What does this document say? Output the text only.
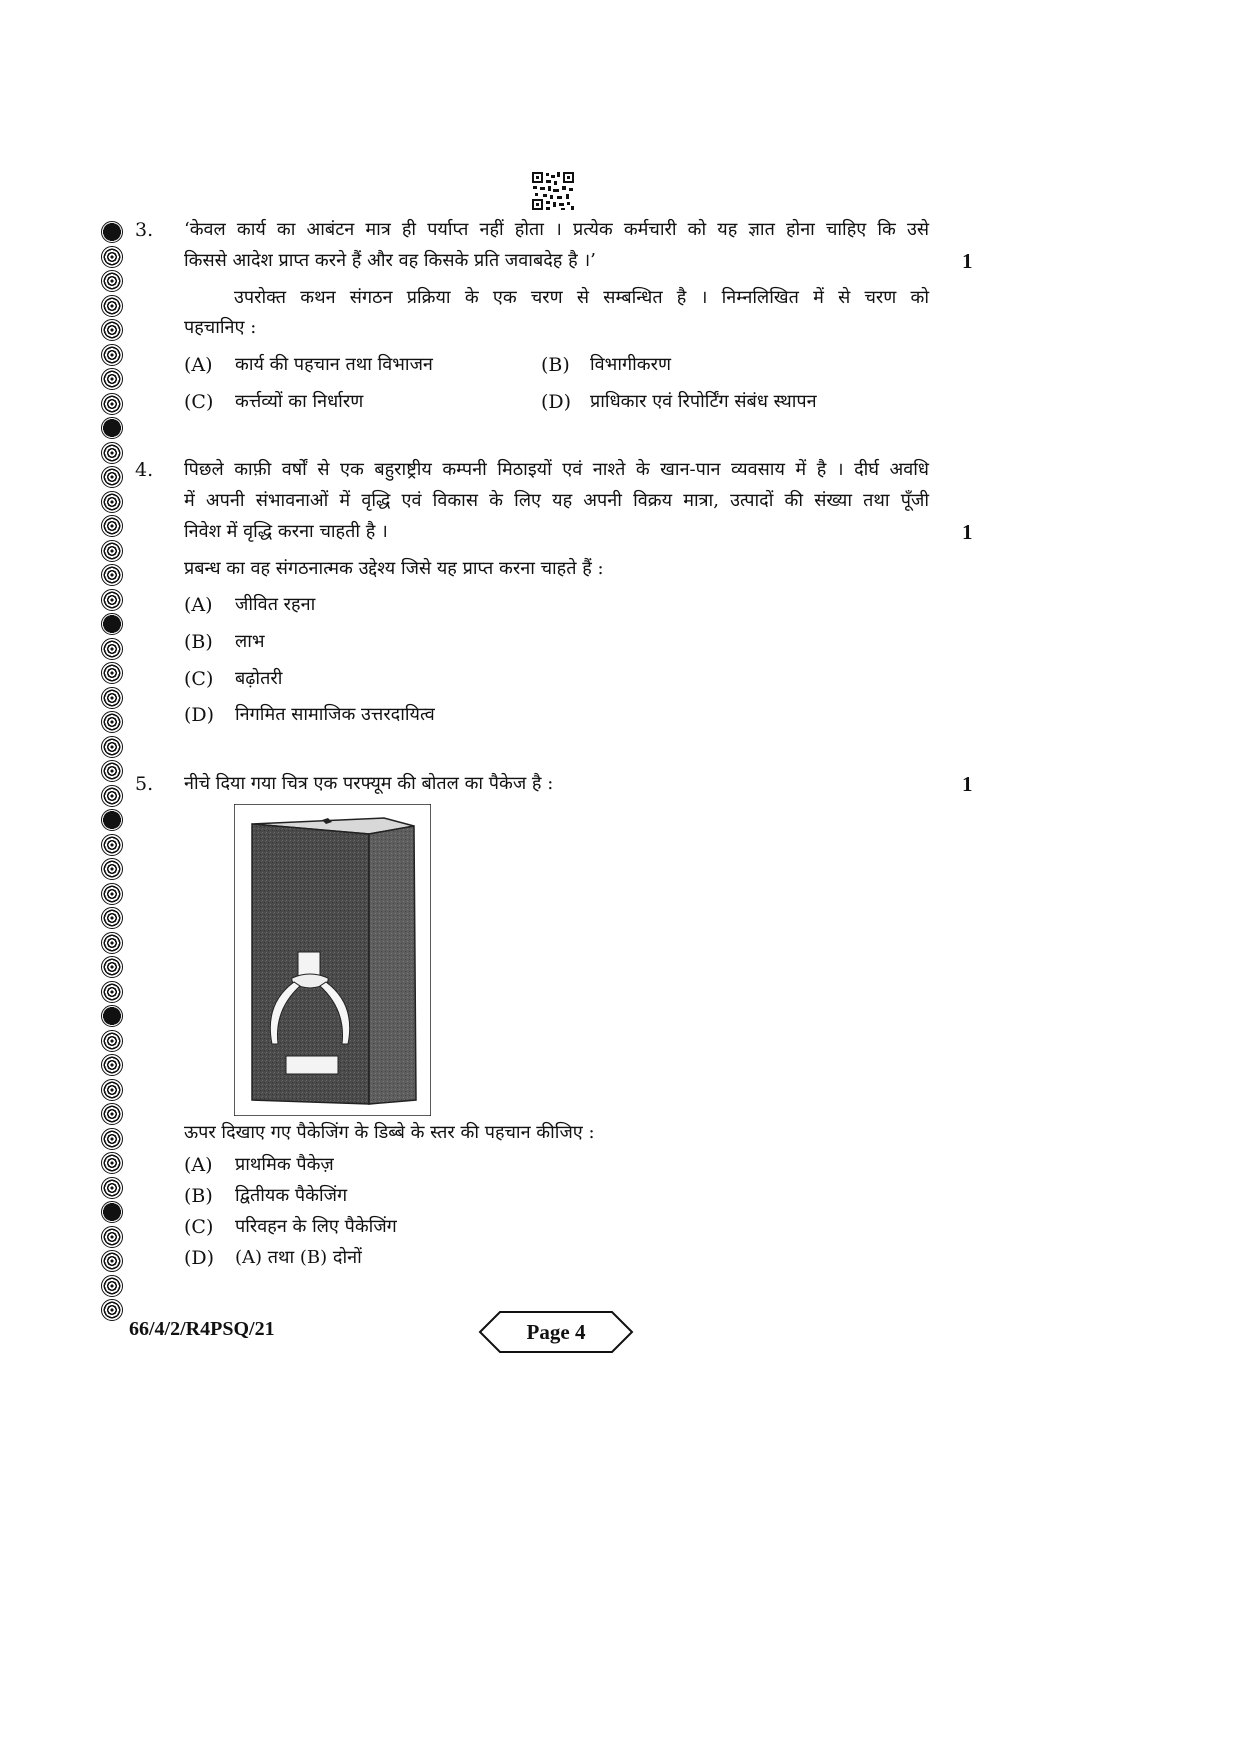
3. ‘केवल कार्य का आबंटन मात्र ही पर्याप्त नहीं होता । प्रत्येक कर्मचारी को यह ज्ञात होना चाहिए कि उसे
किससे आदेश प्राप्त करने हैं और वह किसके प्रति जवाबदेह है ।’	1
उपरोक्त कथन संगठन प्रक्रिया के एक चरण से सम्बन्धित है । निम्नलिखित में से चरण को
पहचानिए :
(A) कार्य की पहचान तथा विभाजन	(B) विभागीकरण
(C) कर्त्तव्यों का निर्धारण	(D) प्राधिकार एवं रिपोर्टिंग संबंध स्थापन
4. पिछले काफ़ी वर्षों से एक बहुराष्ट्रीय कम्पनी मिठाइयों एवं नाश्ते के खान-पान व्यवसाय में है । दीर्घ अवधि
में अपनी संभावनाओं में वृद्धि एवं विकास के लिए यह अपनी विक्रय मात्रा, उत्पादों की संख्या तथा पूँजी
निवेश में वृद्धि करना चाहती है ।	1
प्रबन्ध का वह संगठनात्मक उद्देश्य जिसे यह प्राप्त करना चाहते हैं :
(A) जीवित रहना
(B) लाभ
(C) बढ़ोतरी
(D) निगमित सामाजिक उत्तरदायित्व
5. नीचे दिया गया चित्र एक परफ्यूम की बोतल का पैकेज है :	1
ऊपर दिखाए गए पैकेजिंग के डिब्बे के स्तर की पहचान कीजिए :
(A) प्राथमिक पैकेज़
(B) द्वितीयक पैकेजिंग
(C) परिवहन के लिए पैकेजिंग
(D) (A) तथा (B) दोनों
66/4/2/R4PSQ/21	Page 4
